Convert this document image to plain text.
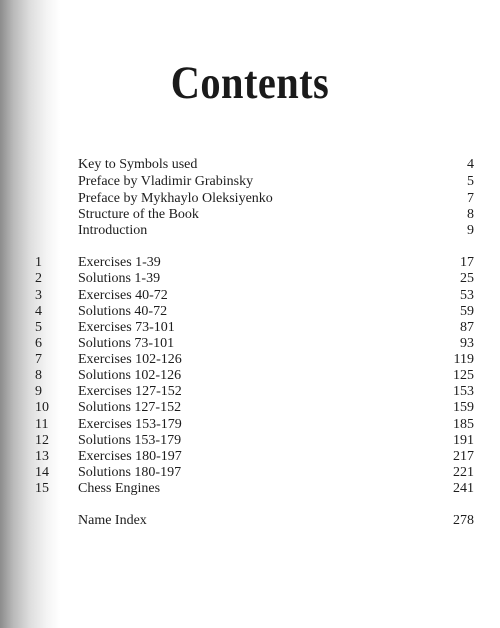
Contents
Key to Symbols used	4
Preface by Vladimir Grabinsky	5
Preface by Mykhaylo Oleksiyenko	7
Structure of the Book	8
Introduction	9
1	Exercises 1-39	17
2	Solutions 1-39	25
3	Exercises 40-72	53
4	Solutions 40-72	59
5	Exercises 73-101	87
6	Solutions 73-101	93
7	Exercises 102-126	119
8	Solutions 102-126	125
9	Exercises 127-152	153
10 Solutions 127-152	159
11 Exercises 153-179	185
12 Solutions 153-179	191
13 Exercises 180-197	217
14 Solutions 180-197	221
15 Chess Engines	241
Name Index	278
